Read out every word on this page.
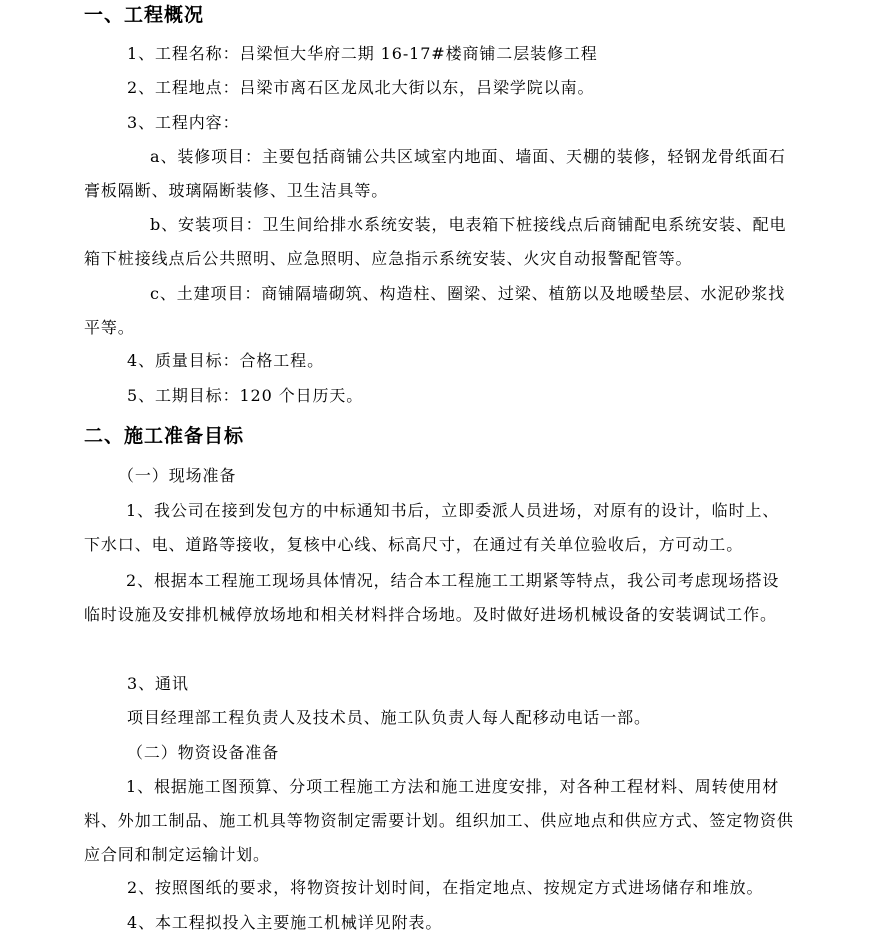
一、工程概况
1、工程名称：吕梁恒大华府二期 16-17#楼商铺二层装修工程
2、工程地点：吕梁市离石区龙凤北大街以东，吕梁学院以南。
3、工程内容：
a、装修项目：主要包括商铺公共区域室内地面、墙面、天棚的装修，轻钢龙骨纸面石膏板隔断、玻璃隔断装修、卫生洁具等。
b、安装项目：卫生间给排水系统安装，电表箱下桩接线点后商铺配电系统安装、配电箱下桩接线点后公共照明、应急照明、应急指示系统安装、火灾自动报警配管等。
c、土建项目：商铺隔墙砌筑、构造柱、圈梁、过梁、植筋以及地暖垫层、水泥砂浆找平等。
4、质量目标：合格工程。
5、工期目标：120 个日历天。
二、施工准备目标
（一）现场准备
1、我公司在接到发包方的中标通知书后，立即委派人员进场，对原有的设计，临时上、下水口、电、道路等接收，复核中心线、标高尺寸，在通过有关单位验收后，方可动工。
2、根据本工程施工现场具体情况，结合本工程施工工期紧等特点，我公司考虑现场搭设临时设施及安排机械停放场地和相关材料拌合场地。及时做好进场机械设备的安装调试工作。
3、通讯
项目经理部工程负责人及技术员、施工队负责人每人配移动电话一部。
（二）物资设备准备
1、根据施工图预算、分项工程施工方法和施工进度安排，对各种工程材料、周转使用材料、外加工制品、施工机具等物资制定需要计划。组织加工、供应地点和供应方式、签定物资供应合同和制定运输计划。
2、按照图纸的要求，将物资按计划时间，在指定地点、按规定方式进场储存和堆放。
4、本工程拟投入主要施工机械详见附表。
